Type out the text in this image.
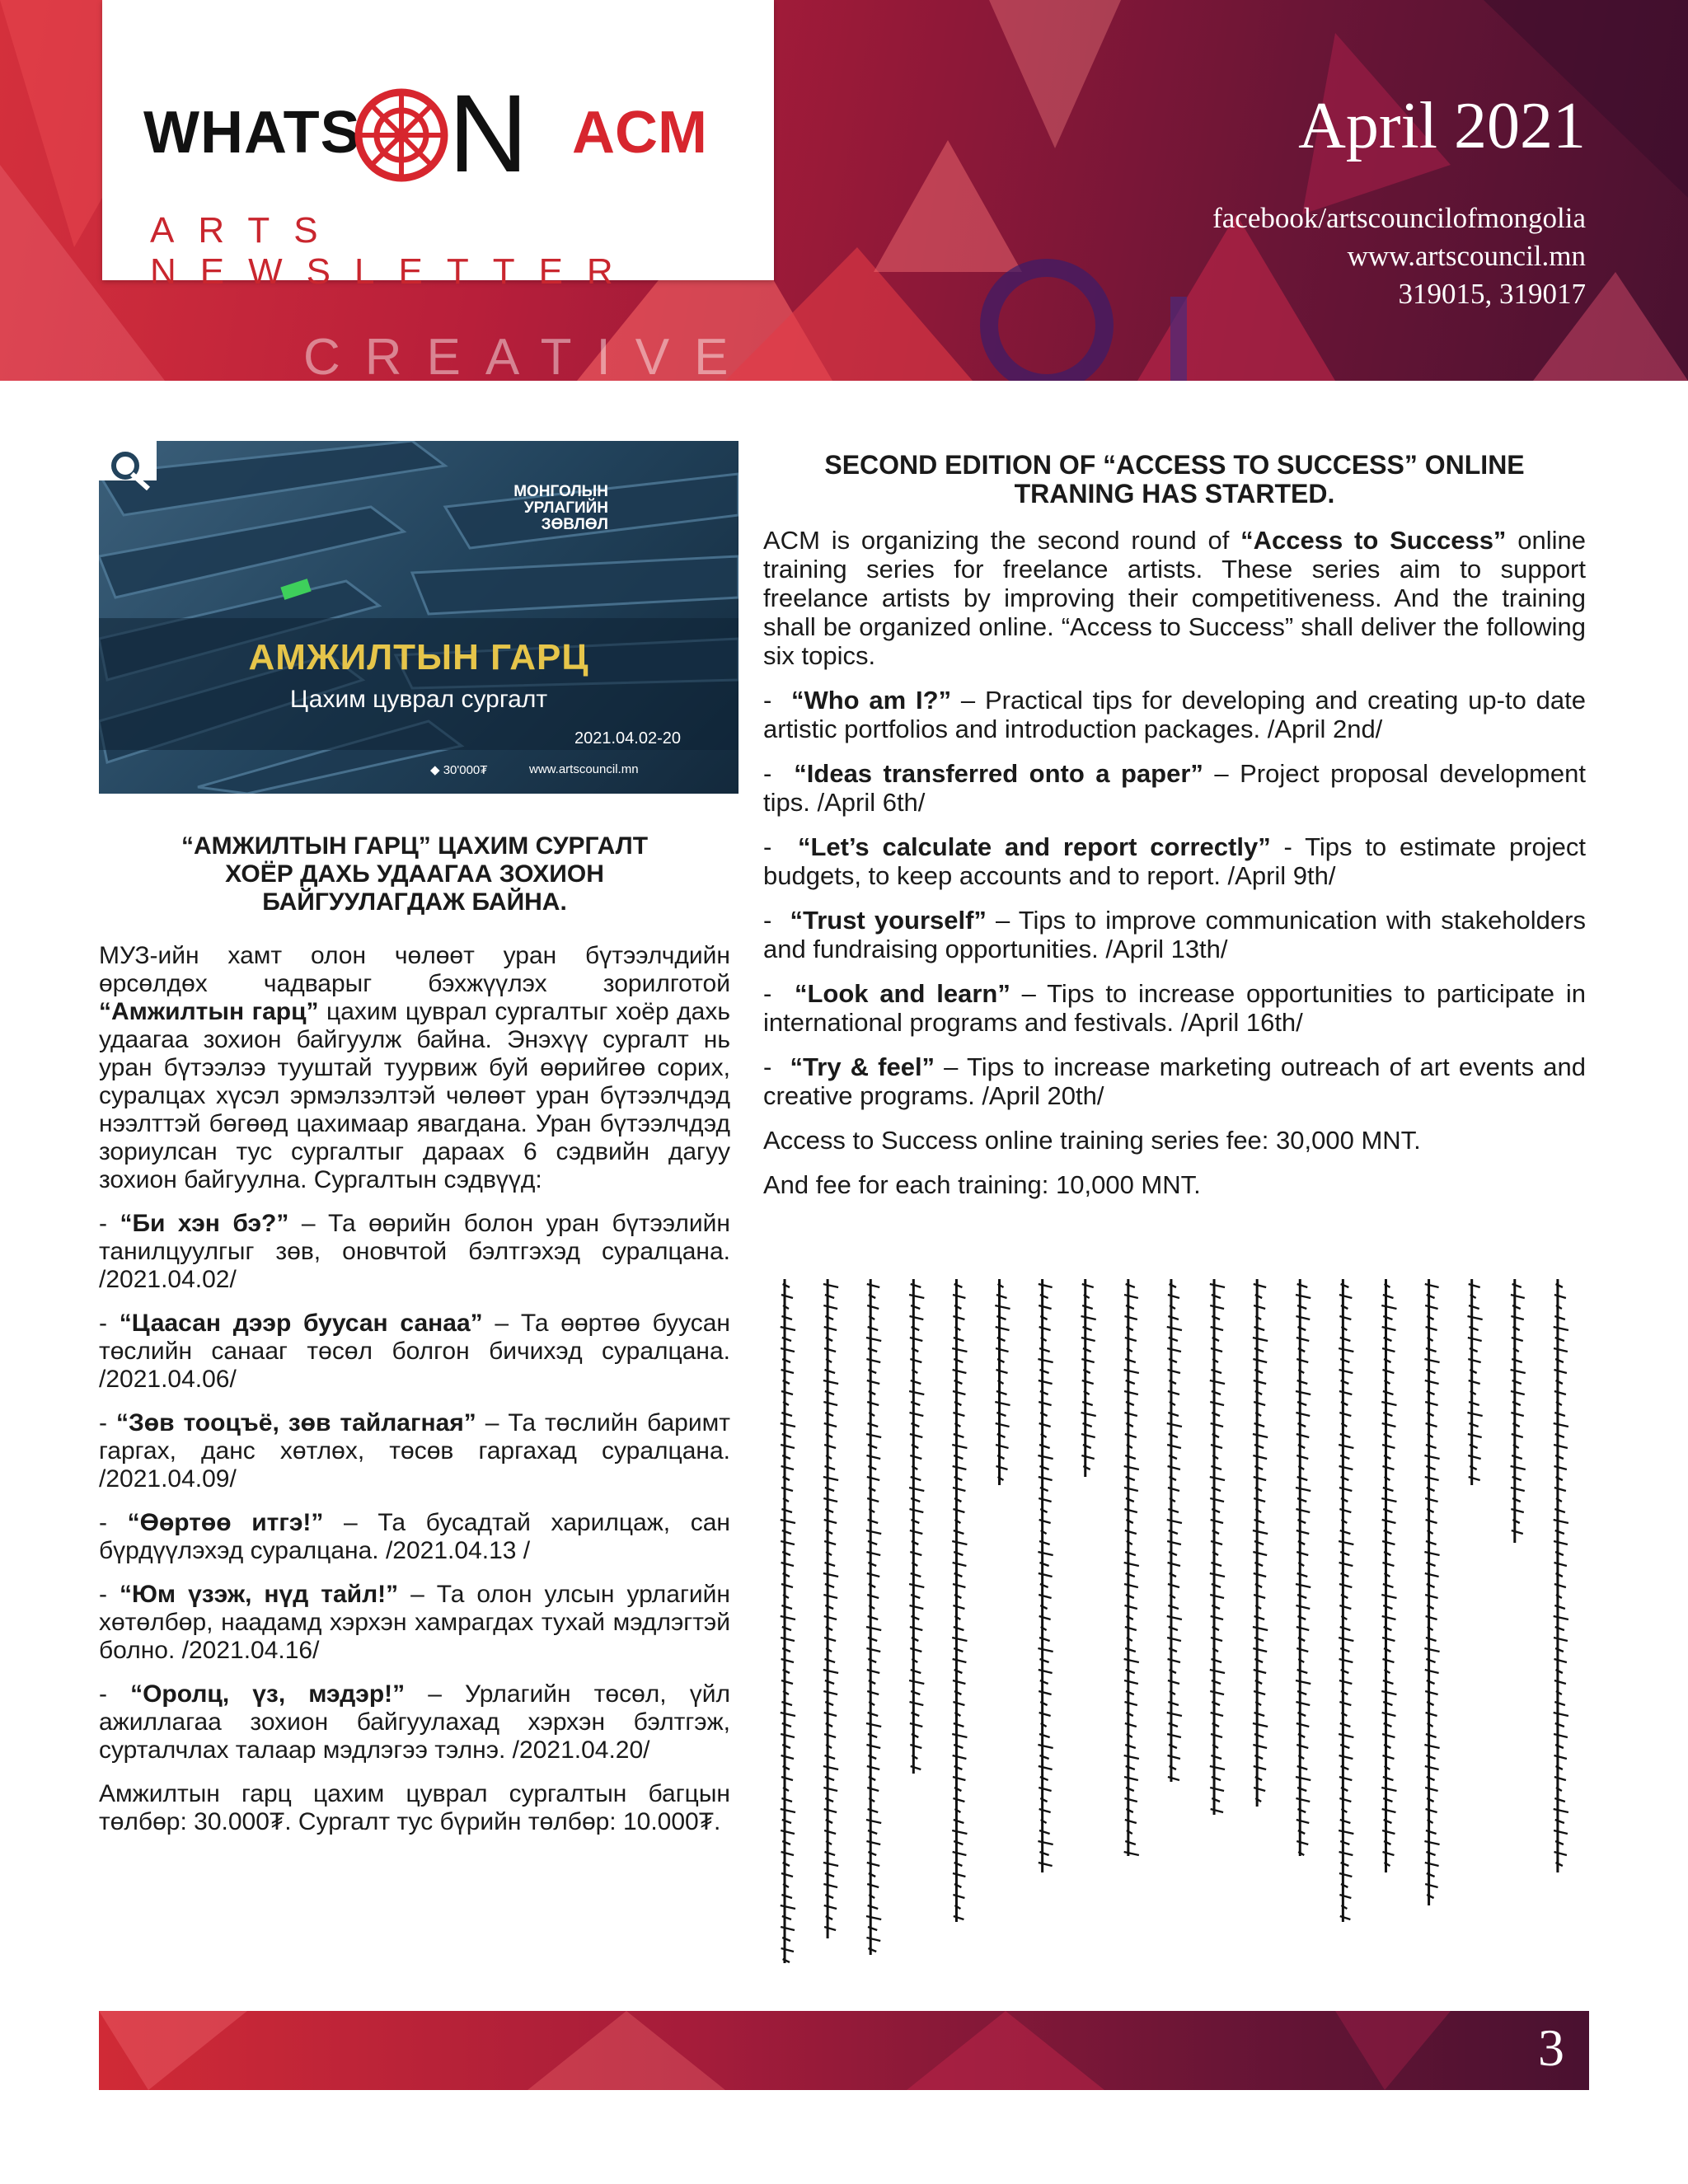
WHATS N ACM
ARTS NEWSLETTER
April 2021
facebook/artscouncilofmongolia
www.artscouncil.mn
319015, 319017
CREATIVE
МОНГОЛЫН
УРЛАГИЙН
ЗӨВЛӨЛ
АМЖИЛТЫН ГАРЦ
Цахим цуврал сургалт
2021.04.02-20
◆ 30'000₮	www.artscouncil.mn
“АМЖИЛТЫН ГАРЦ” ЦАХИМ СУРГАЛТ
ХОЁР ДАХЬ УДААГАА ЗОХИОН
БАЙГУУЛАГДАЖ БАЙНА.

МУЗ-ийн хамт олон чөлөөт уран бүтээлчдийн өрсөлдөх чадварыг бэхжүүлэх зорилготой “Амжилтын гарц” цахим цуврал сургалтыг хоёр дахь удаагаа зохион байгуулж байна. Энэхүү сургалт нь уран бүтээлээ тууштай туурвиж буй өөрийгөө сорих, суралцах хүсэл эрмэлзэлтэй чөлөөт уран бүтээлчдэд нээлттэй бөгөөд цахимаар явагдана. Уран бүтээлчдэд зориулсан тус сургалтыг дараах 6 сэдвийн дагуу зохион байгуулна. Сургалтын сэдвүүд:

- “Би хэн бэ?” – Та өөрийн болон уран бүтээлийн танилцуулгыг зөв, оновчтой бэлтгэхэд суралцана. /2021.04.02/

- “Цаасан дээр буусан санаа” – Та өөртөө буусан төслийн санааг төсөл болгон бичихэд суралцана. /2021.04.06/

- “Зөв тооцъё, зөв тайлагная” – Та төслийн баримт гаргах, данс хөтлөх, төсөв гаргахад суралцана. /2021.04.09/

- “Өөртөө итгэ!” – Та бусадтай харилцаж, сан бүрдүүлэхэд суралцана. /2021.04.13 /

- “Юм үзэж, нүд тайл!” – Та олон улсын урлагийн хөтөлбөр, наадамд хэрхэн хамрагдах тухай мэдлэгтэй болно. /2021.04.16/

- “Оролц, үз, мэдэр!” – Урлагийн төсөл, үйл ажиллагаа зохион байгуулахад хэрхэн бэлтгэж, сурталчлах талаар мэдлэгээ тэлнэ. /2021.04.20/

Амжилтын гарц цахим цуврал сургалтын багцын төлбөр: 30.000₮. Сургалт тус бүрийн төлбөр: 10.000₮.

SECOND EDITION OF “ACCESS TO SUCCESS” ONLINE
TRANING HAS STARTED.

ACM is organizing the second round of “Access to Success” online training series for freelance artists. These series aim to support freelance artists by improving their competitiveness. And the training shall be organized online. “Access to Success” shall deliver the following six topics.

-  “Who am I?” – Practical tips for developing and creating up-to date artistic portfolios and introduction packages. /April 2nd/

-  “Ideas transferred onto a paper” – Project proposal development tips. /April 6th/

-  “Let’s calculate and report correctly” - Tips to estimate project budgets, to keep accounts and to report. /April 9th/

-  “Trust yourself” – Tips to improve communication with stakeholders and fundraising opportunities. /April 13th/

-  “Look and learn” – Tips to increase opportunities to participate in international programs and festivals. /April 16th/

-  “Try & feel” – Tips to increase marketing outreach of art events and creative programs. /April 20th/

Access to Success online training series fee: 30,000 MNT.

And fee for each training: 10,000 MNT.

3
